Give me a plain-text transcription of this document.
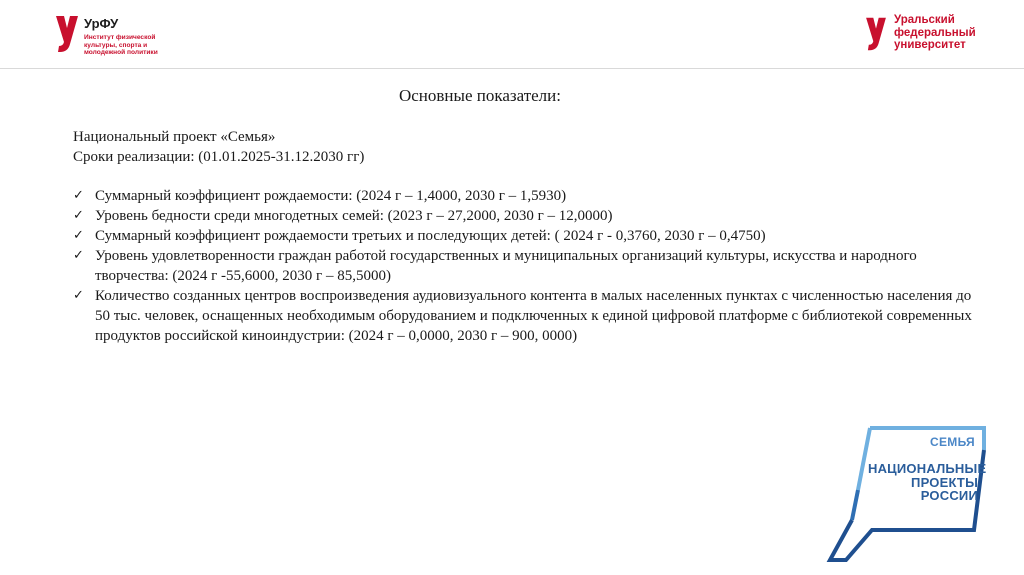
УрФУ
Институт физической
культуры, спорта и
молодежной политики
Уральский
федеральный
университет
Основные показатели:
Национальный проект «Семья»
Сроки реализации: (01.01.2025-31.12.2030 гг)
✓ Суммарный коэффициент рождаемости: (2024 г – 1,4000, 2030 г – 1,5930)
✓ Уровень бедности среди многодетных семей: (2023 г – 27,2000, 2030 г – 12,0000)
✓ Суммарный коэффициент рождаемости третьих и последующих детей: ( 2024 г - 0,3760, 2030 г – 0,4750)
✓ Уровень удовлетворенности граждан работой государственных и муниципальных организаций культуры, искусства и народного творчества: (2024 г -55,6000, 2030 г – 85,5000)
✓ Количество созданных центров воспроизведения аудиовизуального контента в малых населенных пунктах с численностью населения до 50 тыс. человек, оснащенных необходимым оборудованием и подключенных к единой цифровой платформе с библиотекой современных продуктов российской киноиндустрии: (2024 г – 0,0000, 2030 г – 900, 0000)
СЕМЬЯ
НАЦИОНАЛЬНЫЕ
ПРОЕКТЫ
РОССИИ
